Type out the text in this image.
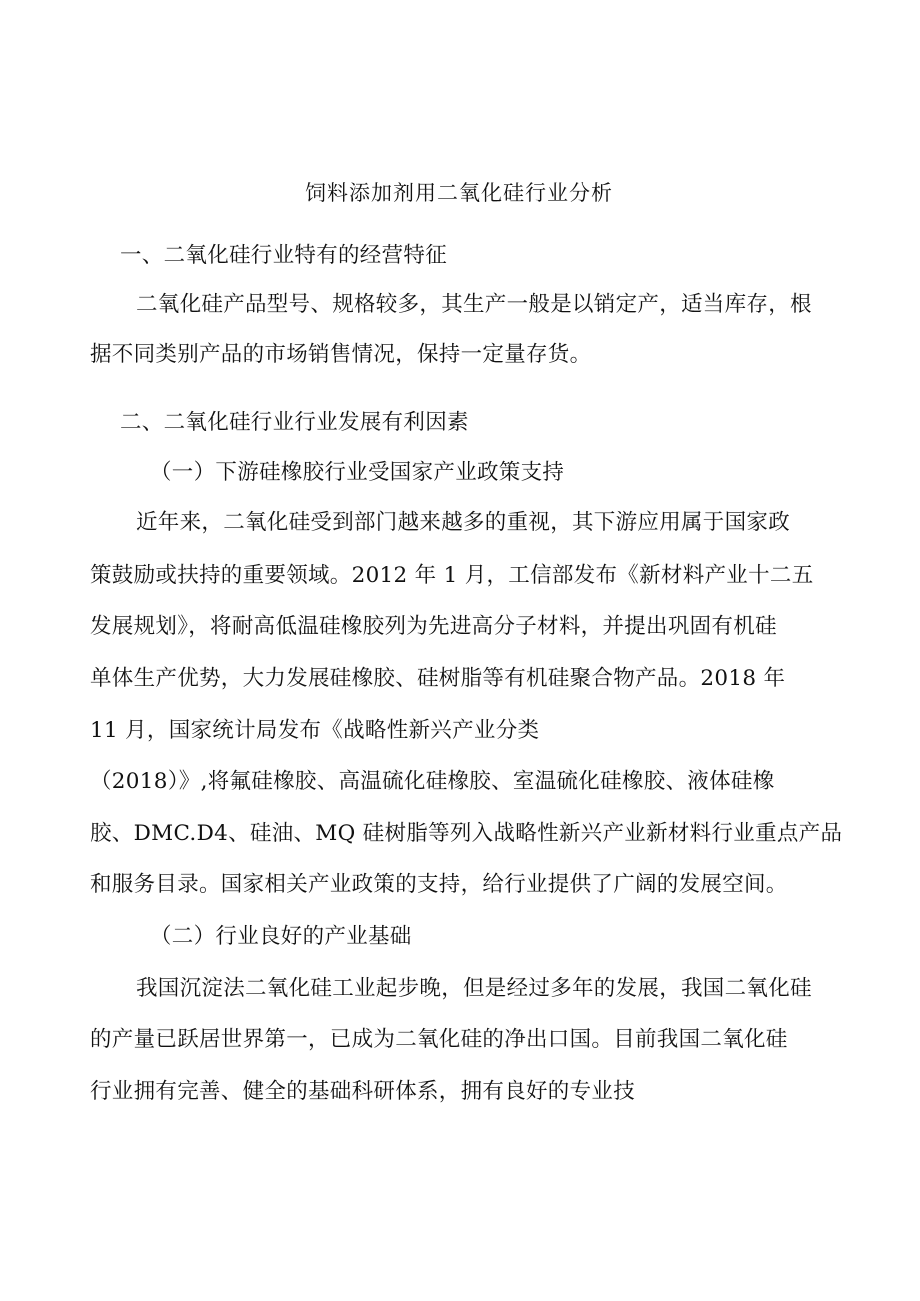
饲料添加剂用二氧化硅行业分析

一、二氧化硅行业特有的经营特征

二氧化硅产品型号、规格较多，其生产一般是以销定产，适当库存，根

据不同类别产品的市场销售情况，保持一定量存货。

二、二氧化硅行业行业发展有利因素

（一）下游硅橡胶行业受国家产业政策支持

近年来，二氧化硅受到部门越来越多的重视，其下游应用属于国家政

策鼓励或扶持的重要领域。2012 年 1 月，工信部发布《新材料产业十二五

发展规划》，将耐高低温硅橡胶列为先进高分子材料，并提出巩固有机硅

单体生产优势，大力发展硅橡胶、硅树脂等有机硅聚合物产品。2018 年

11 月，国家统计局发布《战略性新兴产业分类

（2018）》,将氟硅橡胶、高温硫化硅橡胶、室温硫化硅橡胶、液体硅橡

胶、DMC.D4、硅油、MQ 硅树脂等列入战略性新兴产业新材料行业重点产品

和服务目录。国家相关产业政策的支持，给行业提供了广阔的发展空间。

（二）行业良好的产业基础

我国沉淀法二氧化硅工业起步晚，但是经过多年的发展，我国二氧化硅

的产量已跃居世界第一，已成为二氧化硅的净出口国。目前我国二氧化硅

行业拥有完善、健全的基础科研体系，拥有良好的专业技
